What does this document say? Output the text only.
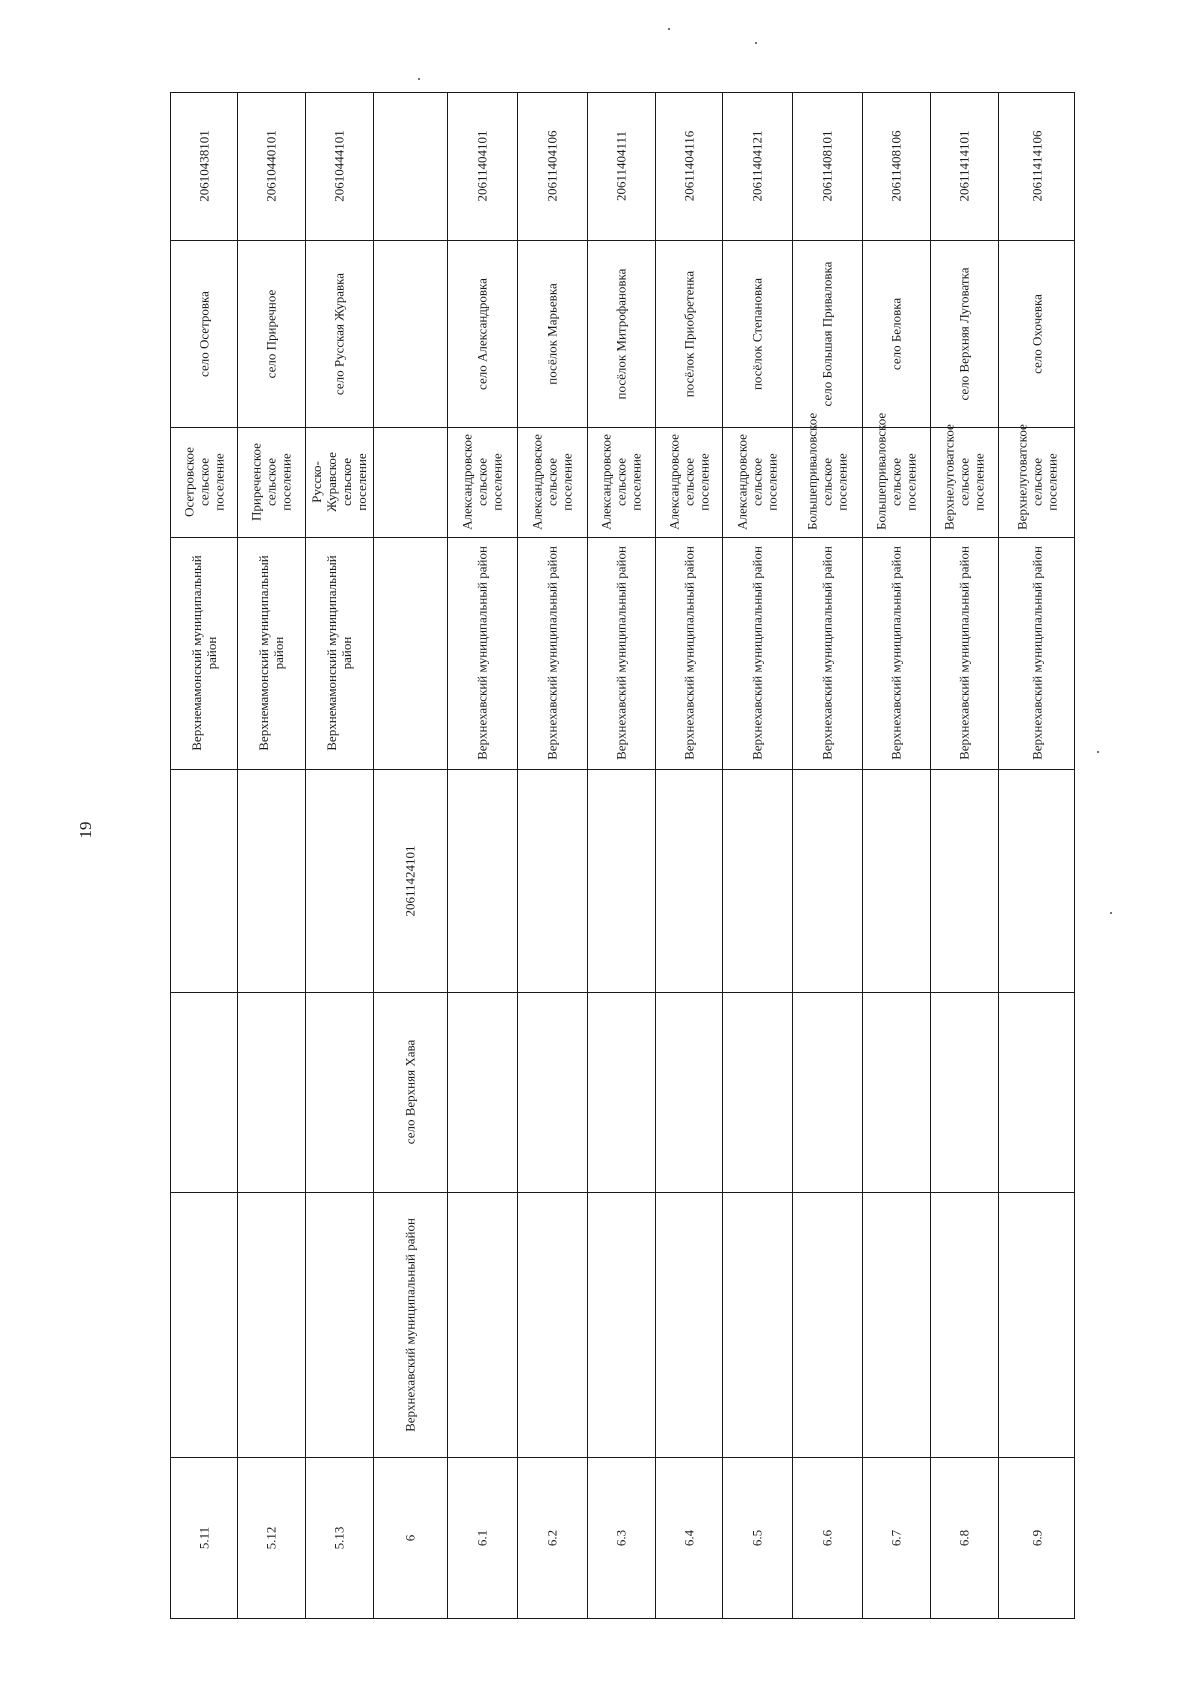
19
20610438101
село Осетровка
Осетровское сельское поселение
Верхнемамонский муниципальный район
5.11
20610440101
село Приречное
Приреченское сельское поселение
Верхнемамонский муниципальный район
5.12
20610444101
село Русская Журавка
Русско-Журавское сельское поселение
Верхнемамонский муниципальный район
5.13
20611424101
село Верхняя Хава
Верхнехавский муниципальный район
6
20611404101
село Александровка
Александровское сельское поселение
Верхнехавский муниципальный район
6.1
20611404106
посёлок Марьевка
Александровское сельское поселение
Верхнехавский муниципальный район
6.2
20611404111
посёлок Митрофановка
Александровское сельское поселение
Верхнехавский муниципальный район
6.3
20611404116
посёлок Приобретенка
Александровское сельское поселение
Верхнехавский муниципальный район
6.4
20611404121
посёлок Степановка
Александровское сельское поселение
Верхнехавский муниципальный район
6.5
20611408101
село Большая Приваловка
Большеприваловское сельское поселение
Верхнехавский муниципальный район
6.6
20611408106
село Беловка
Большеприваловское сельское поселение
Верхнехавский муниципальный район
6.7
20611414101
село Верхняя Луговатка
Верхнелуговатское сельское поселение
Верхнехавский муниципальный район
6.8
20611414106
село Охочевка
Верхнелуговатское сельское поселение
Верхнехавский муниципальный район
6.9
